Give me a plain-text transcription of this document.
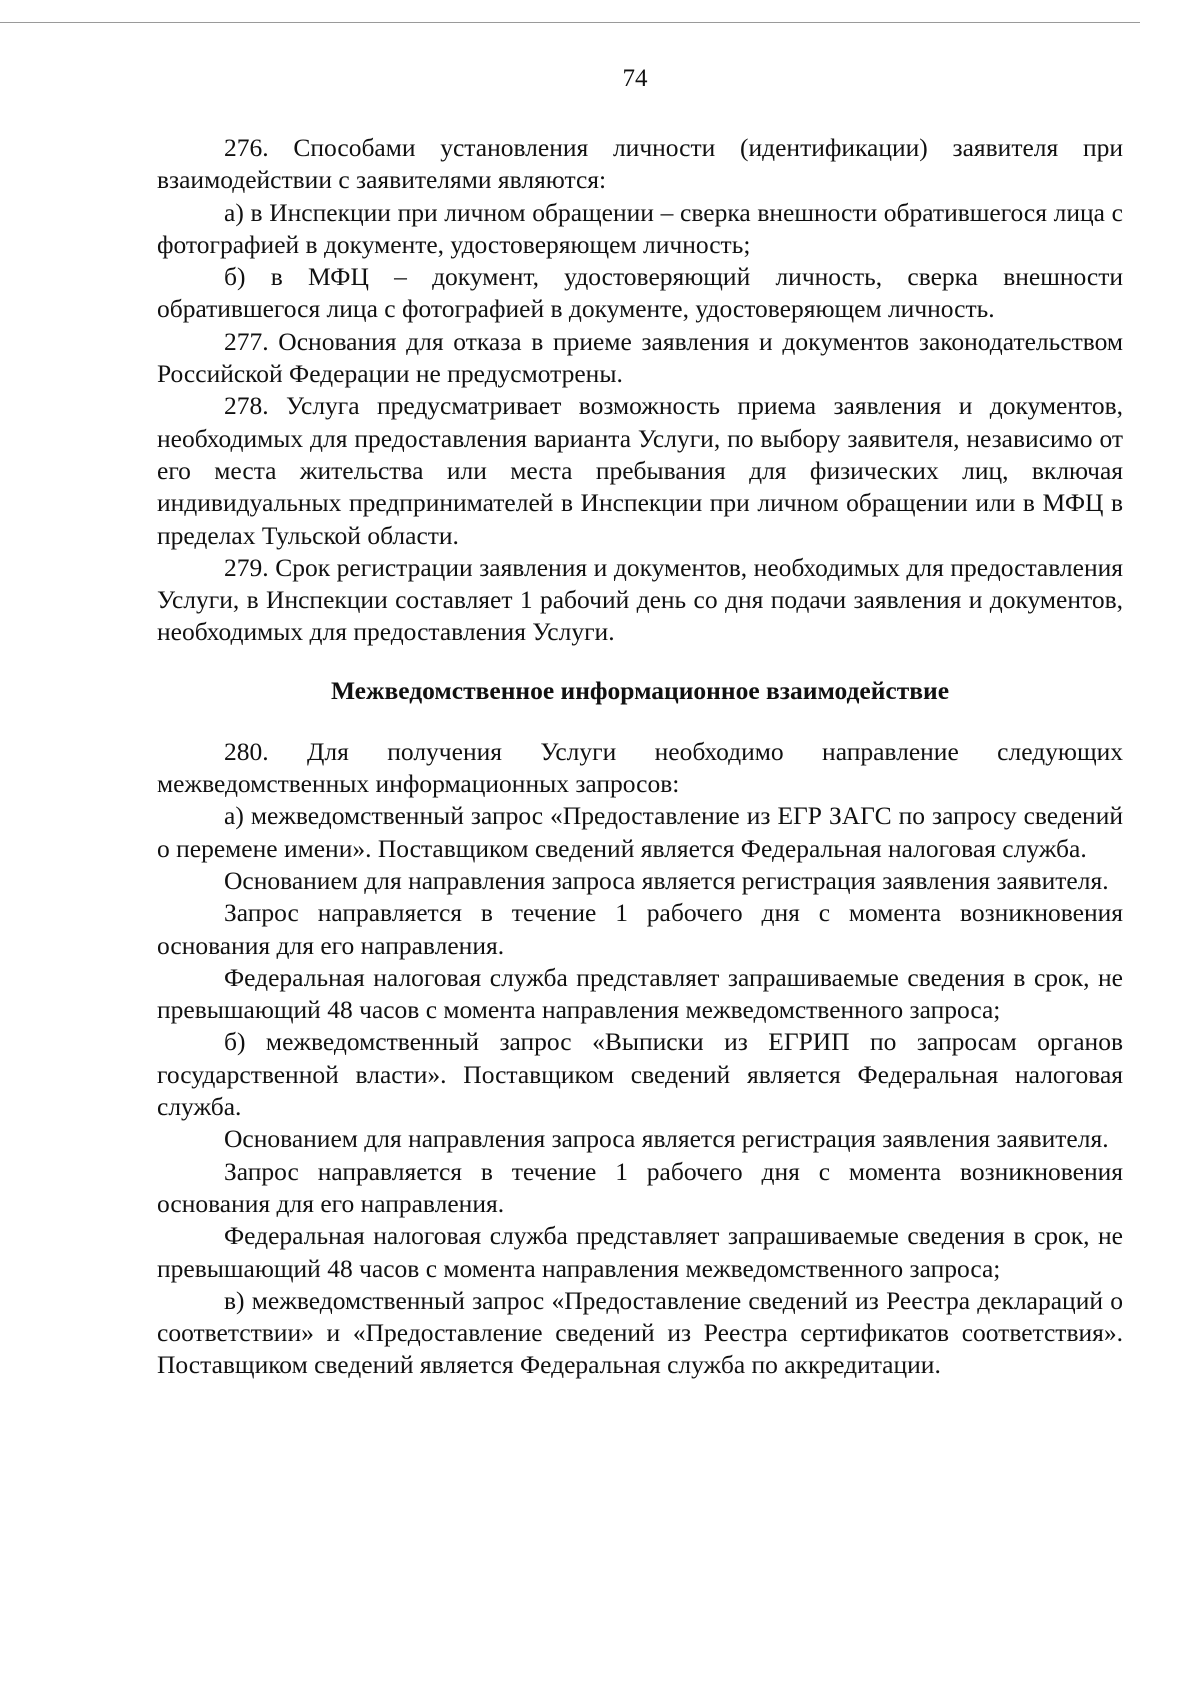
74

276. Способами установления личности (идентификации) заявителя при взаимодействии с заявителями являются:

а) в Инспекции при личном обращении – сверка внешности обратившегося лица с фотографией в документе, удостоверяющем личность;

б) в МФЦ – документ, удостоверяющий личность, сверка внешности обратившегося лица с фотографией в документе, удостоверяющем личность.

277. Основания для отказа в приеме заявления и документов законодательством Российской Федерации не предусмотрены.

278. Услуга предусматривает возможность приема заявления и документов, необходимых для предоставления варианта Услуги, по выбору заявителя, независимо от его места жительства или места пребывания для физических лиц, включая индивидуальных предпринимателей в Инспекции при личном обращении или в МФЦ в пределах Тульской области.

279. Срок регистрации заявления и документов, необходимых для предоставления Услуги, в Инспекции составляет 1 рабочий день со дня подачи заявления и документов, необходимых для предоставления Услуги.

Межведомственное информационное взаимодействие

280. Для получения Услуги необходимо направление следующих межведомственных информационных запросов:

а) межведомственный запрос «Предоставление из ЕГР ЗАГС по запросу сведений о перемене имени». Поставщиком сведений является Федеральная налоговая служба.

Основанием для направления запроса является регистрация заявления заявителя.

Запрос направляется в течение 1 рабочего дня с момента возникновения основания для его направления.

Федеральная налоговая служба представляет запрашиваемые сведения в срок, не превышающий 48 часов с момента направления межведомственного запроса;

б) межведомственный запрос «Выписки из ЕГРИП по запросам органов государственной власти». Поставщиком сведений является Федеральная налоговая служба.

Основанием для направления запроса является регистрация заявления заявителя.

Запрос направляется в течение 1 рабочего дня с момента возникновения основания для его направления.

Федеральная налоговая служба представляет запрашиваемые сведения в срок, не превышающий 48 часов с момента направления межведомственного запроса;

в) межведомственный запрос «Предоставление сведений из Реестра деклараций о соответствии» и «Предоставление сведений из Реестра сертификатов соответствия». Поставщиком сведений является Федеральная служба по аккредитации.
